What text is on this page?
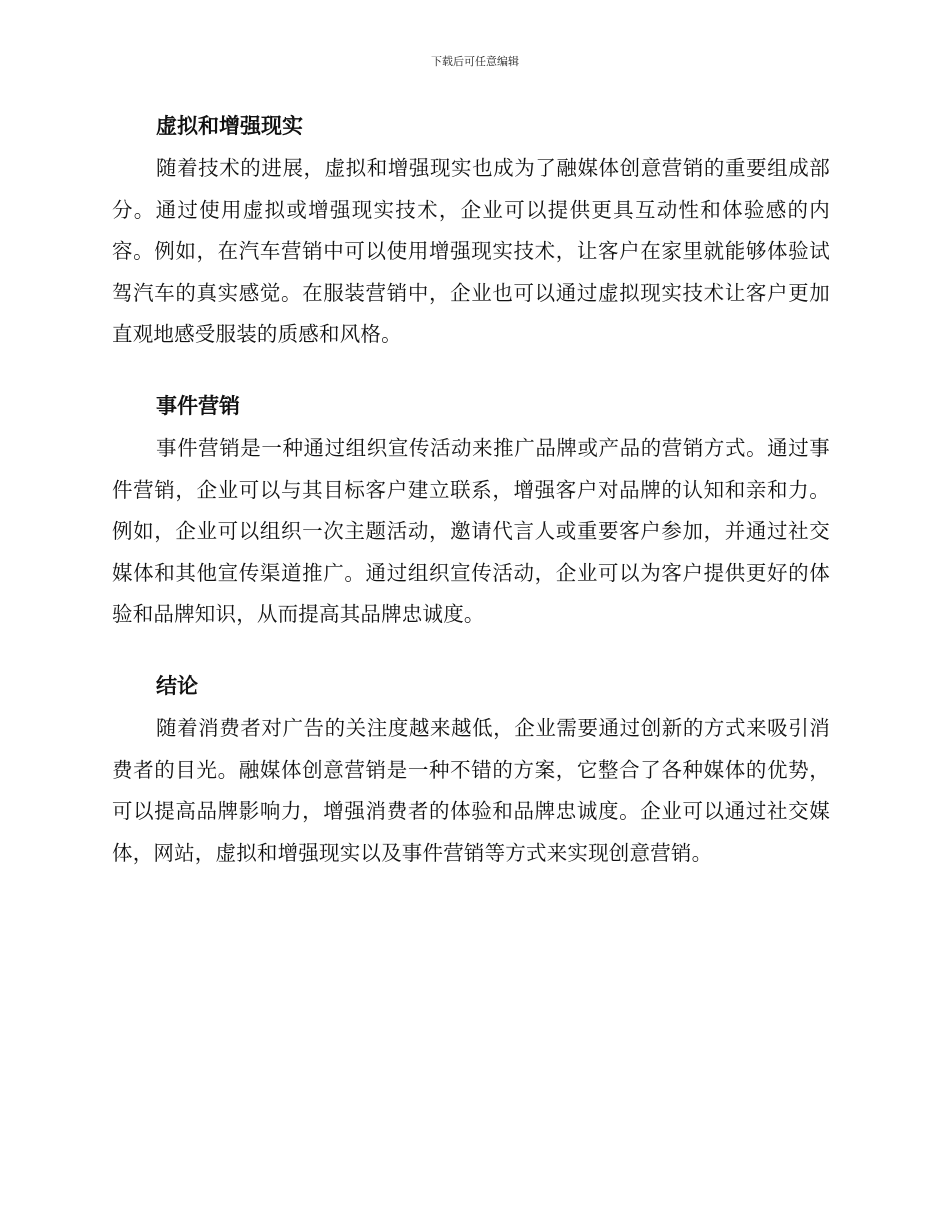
下载后可任意编辑
虚拟和增强现实

随着技术的进展，虚拟和增强现实也成为了融媒体创意营销的重要组成部分。通过使用虚拟或增强现实技术，企业可以提供更具互动性和体验感的内容。例如，在汽车营销中可以使用增强现实技术，让客户在家里就能够体验试驾汽车的真实感觉。在服装营销中，企业也可以通过虚拟现实技术让客户更加直观地感受服装的质感和风格。

事件营销

事件营销是一种通过组织宣传活动来推广品牌或产品的营销方式。通过事件营销，企业可以与其目标客户建立联系，增强客户对品牌的认知和亲和力。例如，企业可以组织一次主题活动，邀请代言人或重要客户参加，并通过社交媒体和其他宣传渠道推广。通过组织宣传活动，企业可以为客户提供更好的体验和品牌知识，从而提高其品牌忠诚度。

结论

随着消费者对广告的关注度越来越低，企业需要通过创新的方式来吸引消费者的目光。融媒体创意营销是一种不错的方案，它整合了各种媒体的优势，可以提高品牌影响力，增强消费者的体验和品牌忠诚度。企业可以通过社交媒体，网站，虚拟和增强现实以及事件营销等方式来实现创意营销。
